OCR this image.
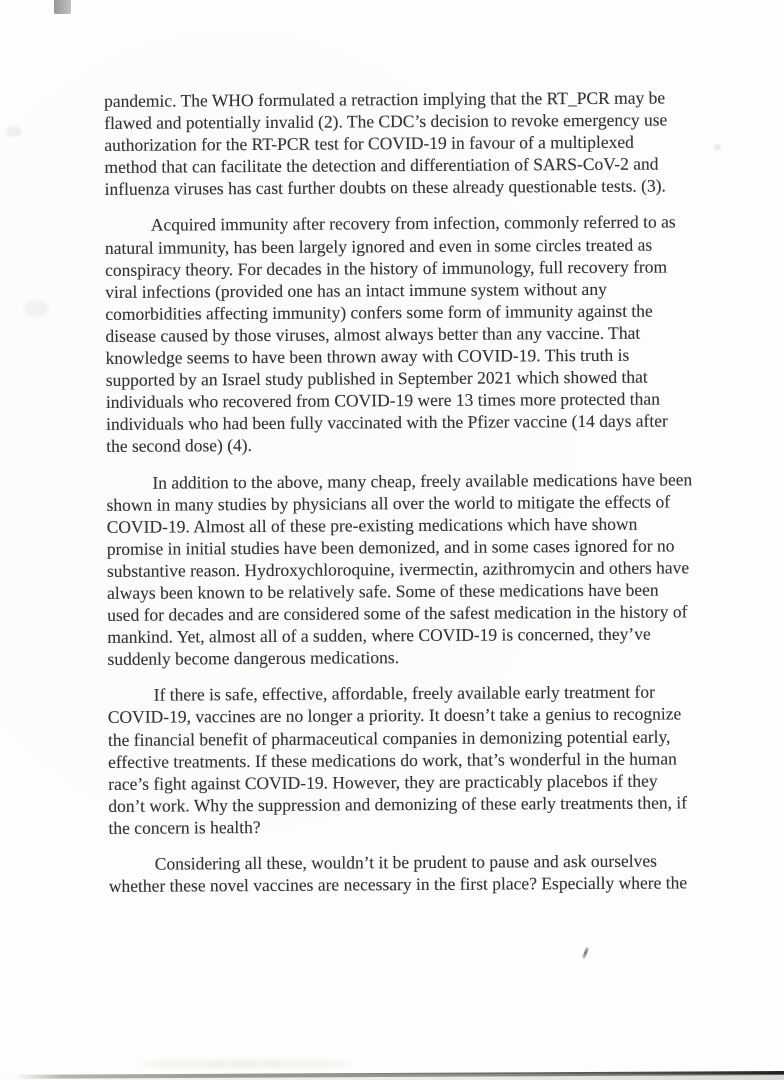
pandemic. The WHO formulated a retraction implying that the RT_PCR may be
flawed and potentially invalid (2). The CDC’s decision to revoke emergency use
authorization for the RT-PCR test for COVID-19 in favour of a multiplexed
method that can facilitate the detection and differentiation of SARS-CoV-2 and
influenza viruses has cast further doubts on these already questionable tests. (3).
Acquired immunity after recovery from infection, commonly referred to as
natural immunity, has been largely ignored and even in some circles treated as
conspiracy theory. For decades in the history of immunology, full recovery from
viral infections (provided one has an intact immune system without any
comorbidities affecting immunity) confers some form of immunity against the
disease caused by those viruses, almost always better than any vaccine. That
knowledge seems to have been thrown away with COVID-19. This truth is
supported by an Israel study published in September 2021 which showed that
individuals who recovered from COVID-19 were 13 times more protected than
individuals who had been fully vaccinated with the Pfizer vaccine (14 days after
the second dose) (4).
In addition to the above, many cheap, freely available medications have been
shown in many studies by physicians all over the world to mitigate the effects of
COVID-19. Almost all of these pre-existing medications which have shown
promise in initial studies have been demonized, and in some cases ignored for no
substantive reason. Hydroxychloroquine, ivermectin, azithromycin and others have
always been known to be relatively safe. Some of these medications have been
used for decades and are considered some of the safest medication in the history of
mankind. Yet, almost all of a sudden, where COVID-19 is concerned, they’ve
suddenly become dangerous medications.
If there is safe, effective, affordable, freely available early treatment for
COVID-19, vaccines are no longer a priority. It doesn’t take a genius to recognize
the financial benefit of pharmaceutical companies in demonizing potential early,
effective treatments. If these medications do work, that’s wonderful in the human
race’s fight against COVID-19. However, they are practicably placebos if they
don’t work. Why the suppression and demonizing of these early treatments then, if
the concern is health?
Considering all these, wouldn’t it be prudent to pause and ask ourselves
whether these novel vaccines are necessary in the first place? Especially where the
